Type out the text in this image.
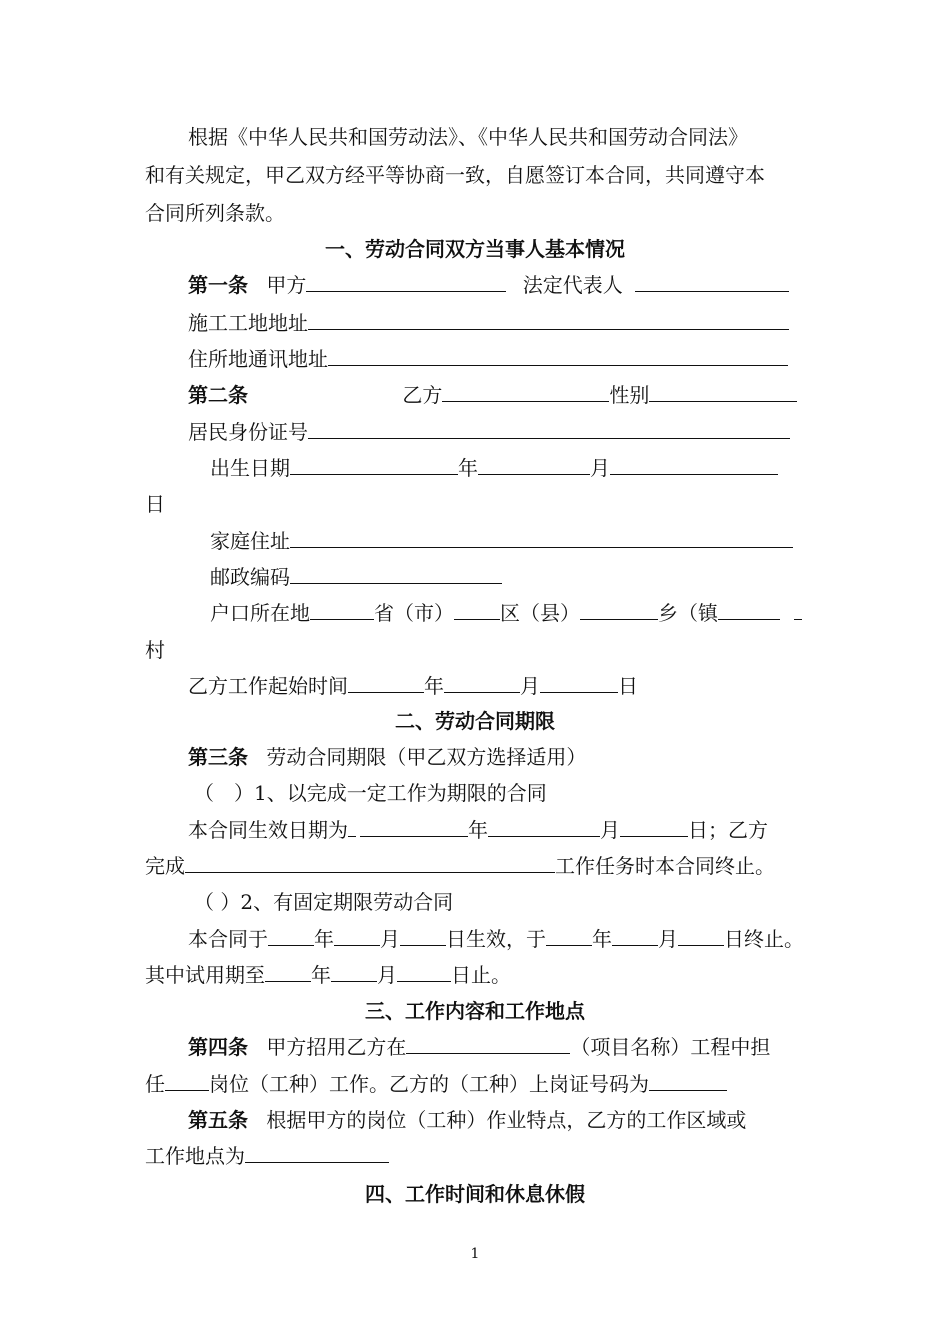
根据《中华人民共和国劳动法》、《中华人民共和国劳动合同法》
和有关规定，甲乙双方经平等协商一致，自愿签订本合同，共同遵守本
合同所列条款。
一、劳动合同双方当事人基本情况
第一条 甲方	法定代表人
施工工地地址
住所地通讯地址
第二条	乙方	性别
居民身份证号
出生日期	年	月
日
家庭住址
邮政编码
户口所在地	省（市） 区（县）	乡（镇
村
乙方工作起始时间	年	月	日
二、劳动合同期限
第三条 劳动合同期限（甲乙双方选择适用）
（　）1、以完成一定工作为期限的合同
本合同生效日期为	年	月	日；乙方
完成	工作任务时本合同终止。
（ ）2、有固定期限劳动合同
本合同于 年 月 日生效，于 年 月 日终止。
其中试用期至 年 月	日止。
三、工作内容和工作地点
第四条 甲方招用乙方在	（项目名称）工程中担
任 岗位（工种）工作。乙方的（工种）上岗证号码为
第五条 根据甲方的岗位（工种）作业特点，乙方的工作区域或
工作地点为
四、工作时间和休息休假
1
